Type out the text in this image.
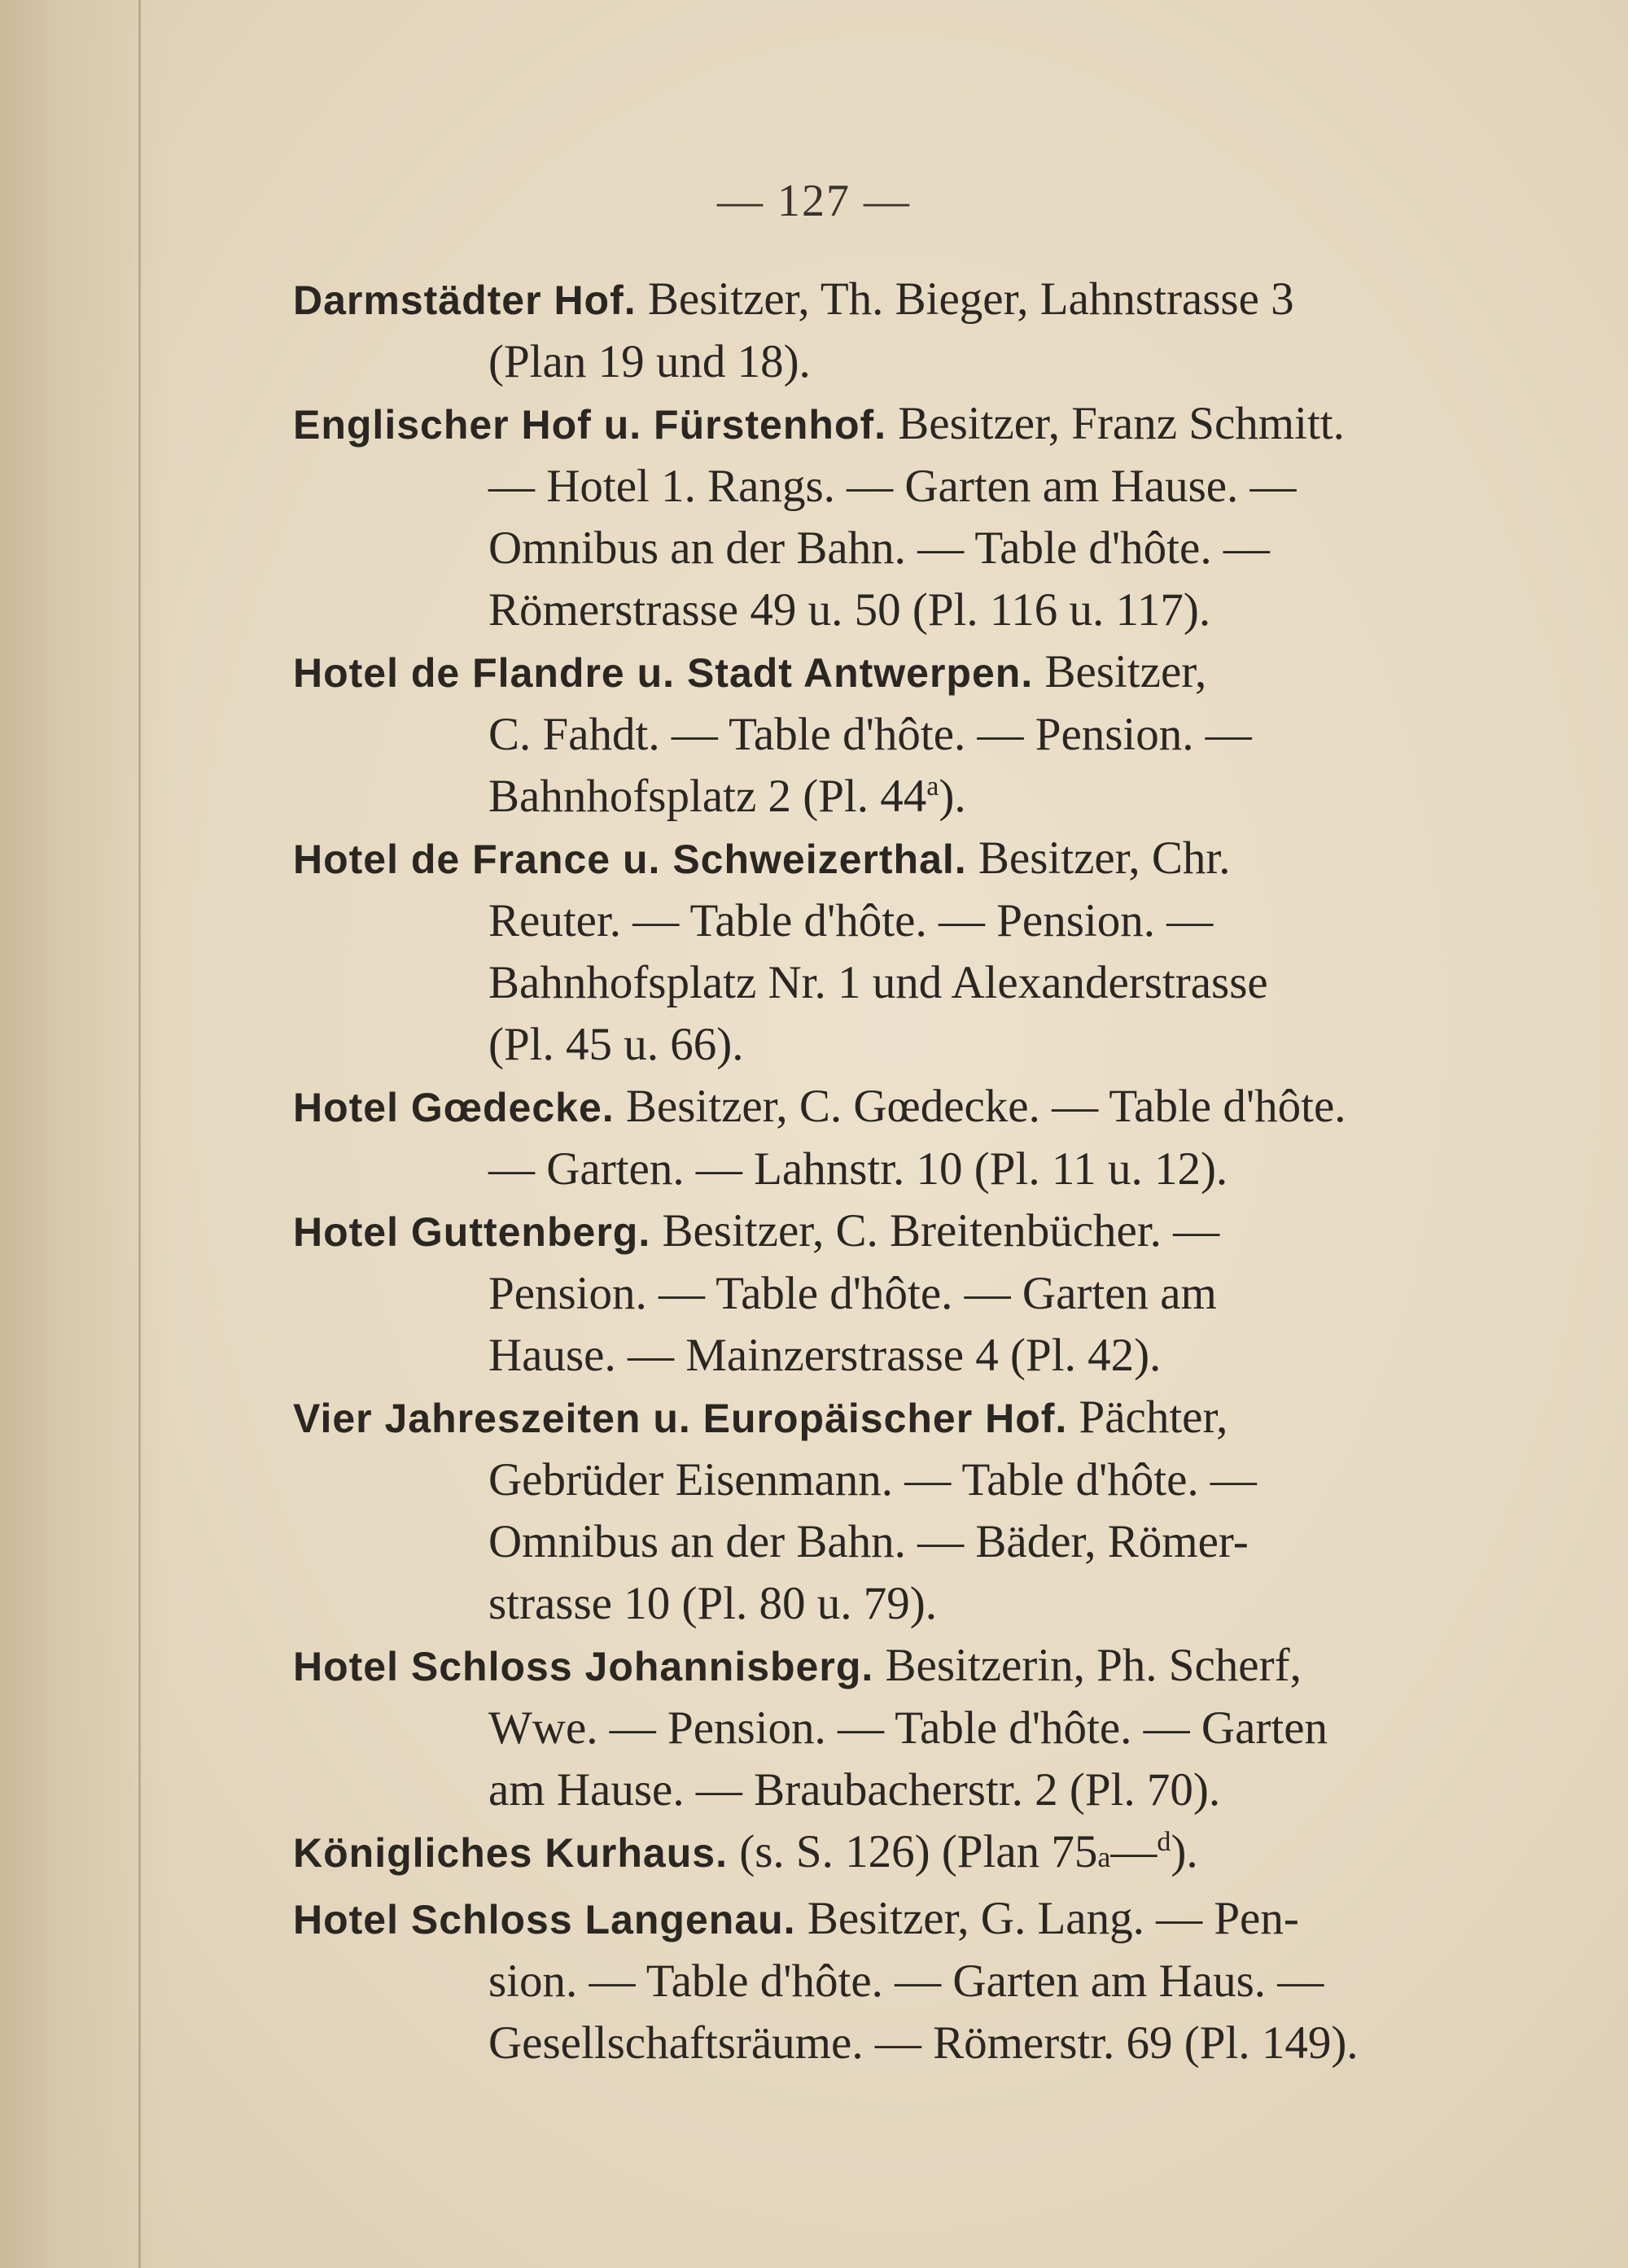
— 127 —

Darmstädter Hof. Besitzer, Th. Bieger, Lahnstrasse 3
(Plan 19 und 18).

Englischer Hof u. Fürstenhof. Besitzer, Franz Schmitt.
— Hotel 1. Rangs. — Garten am Hause. —
Omnibus an der Bahn. — Table d'hôte. —
Römerstrasse 49 u. 50 (Pl. 116 u. 117).

Hotel de Flandre u. Stadt Antwerpen. Besitzer,
C. Fahdt. — Table d'hôte. — Pension. —
Bahnhofsplatz 2 (Pl. 44$^a$).

Hotel de France u. Schweizerthal. Besitzer, Chr.
Reuter. — Table d'hôte. — Pension. —
Bahnhofsplatz Nr. 1 und Alexanderstrasse
(Pl. 45 u. 66).

Hotel Gœdecke. Besitzer, C. Gœdecke. — Table d'hôte.
— Garten. — Lahnstr. 10 (Pl. 11 u. 12).

Hotel Guttenberg. Besitzer, C. Breitenbücher. —
Pension. — Table d'hôte. — Garten am
Hause. — Mainzerstrasse 4 (Pl. 42).

Vier Jahreszeiten u. Europäischer Hof. Pächter,
Gebrüder Eisenmann. — Table d'hôte. —
Omnibus an der Bahn. — Bäder, Römer-
strasse 10 (Pl. 80 u. 79).

Hotel Schloss Johannisberg. Besitzerin, Ph. Scherf,
Wwe. — Pension. — Table d'hôte. — Garten
am Hause. — Braubacherstr. 2 (Pl. 70).

Königliches Kurhaus. (s. S. 126) (Plan 75a—$^d$).

Hotel Schloss Langenau. Besitzer, G. Lang. — Pen-
sion. — Table d'hôte. — Garten am Haus. —
Gesellschaftsräume. — Römerstr. 69 (Pl. 149).
